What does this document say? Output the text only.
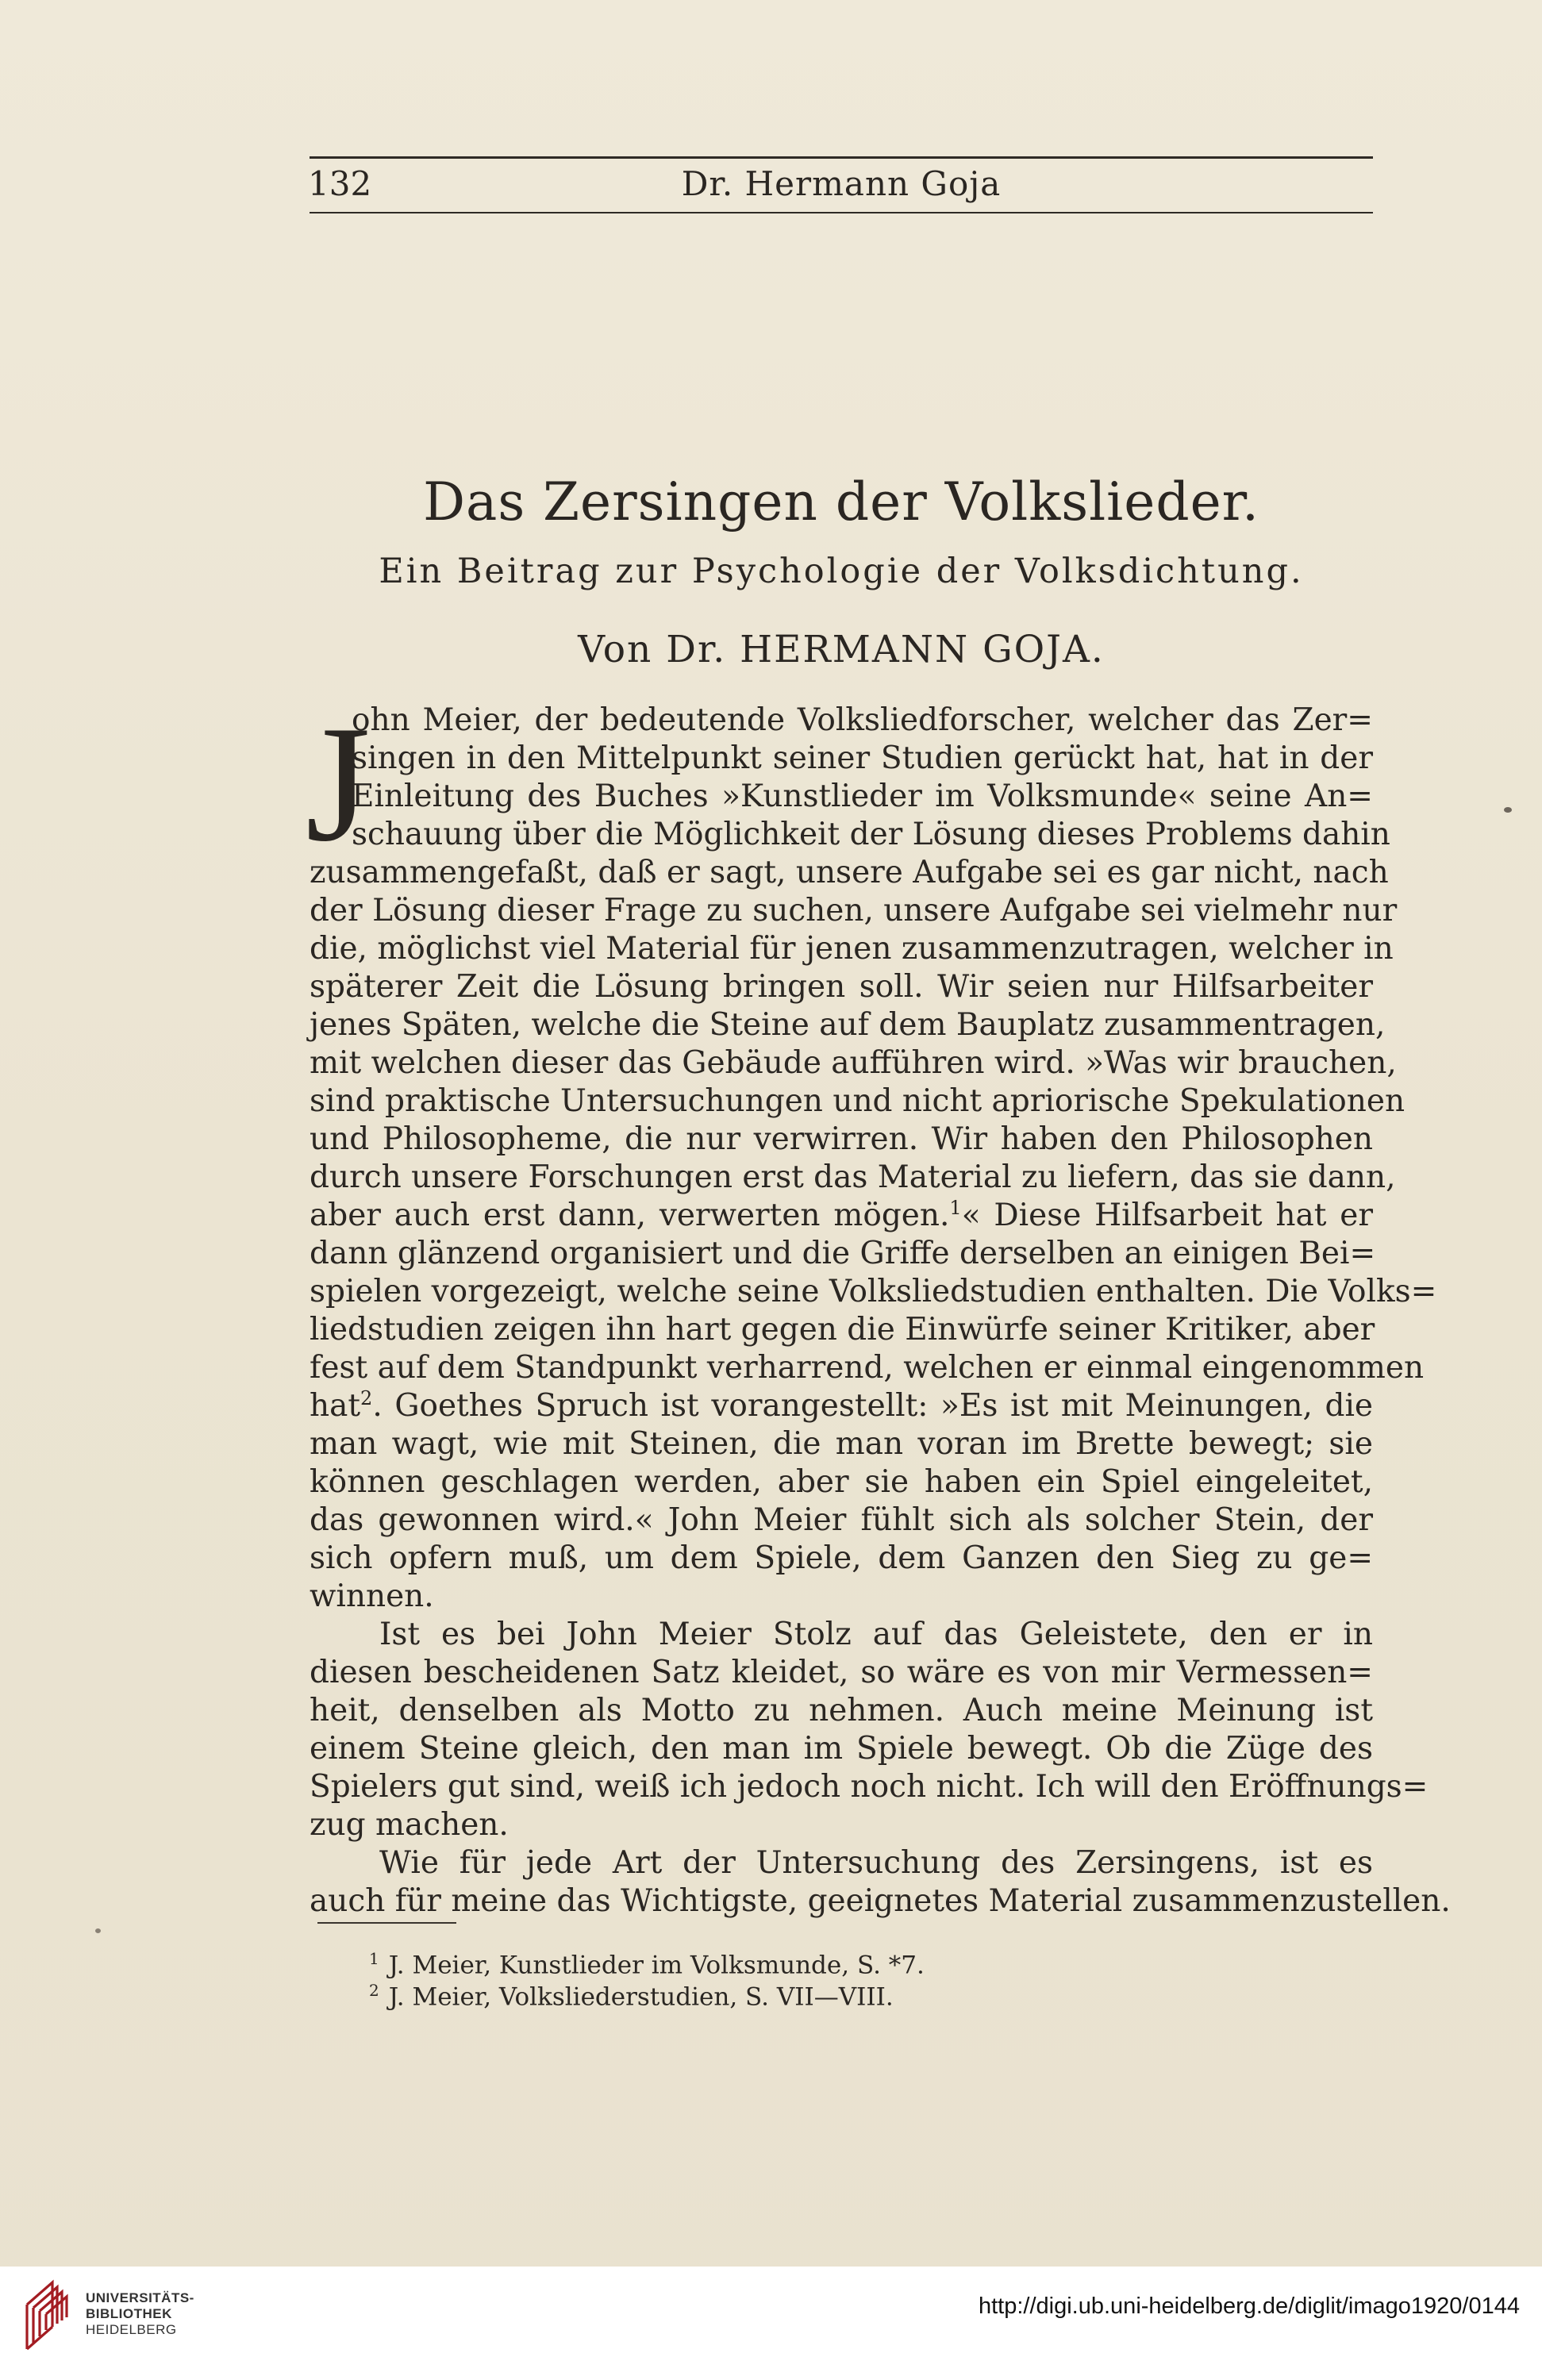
132	Dr. Hermann Goja
Das Zersingen der Volkslieder.
Ein Beitrag zur Psychologie der Volksdichtung.
Von Dr. HERMANN GOJA.
J
ohn Meier, der bedeutende Volksliedforscher, welcher das Zer=
singen in den Mittelpunkt seiner Studien gerückt hat, hat in der
Einleitung des Buches »Kunstlieder im Volksmunde« seine An=
schauung über die Möglichkeit der Lösung dieses Problems dahin
zusammengefaßt, daß er sagt, unsere Aufgabe sei es gar nicht, nach
der Lösung dieser Frage zu suchen, unsere Aufgabe sei vielmehr nur
die, möglichst viel Material für jenen zusammenzutragen, welcher in
späterer Zeit die Lösung bringen soll. Wir seien nur Hilfsarbeiter
jenes Späten, welche die Steine auf dem Bauplatz zusammentragen,
mit welchen dieser das Gebäude aufführen wird. »Was wir brauchen,
sind praktische Untersuchungen und nicht apriorische Spekulationen
und Philosopheme, die nur verwirren. Wir haben den Philosophen
durch unsere Forschungen erst das Material zu liefern, das sie dann,
aber auch erst dann, verwerten mögen.$^1$« Diese Hilfsarbeit hat er
dann glänzend organisiert und die Griffe derselben an einigen Bei=
spielen vorgezeigt, welche seine Volksliedstudien enthalten. Die Volks=
liedstudien zeigen ihn hart gegen die Einwürfe seiner Kritiker, aber
fest auf dem Standpunkt verharrend, welchen er einmal eingenommen
hat$^2$. Goethes Spruch ist vorangestellt: »Es ist mit Meinungen, die
man wagt, wie mit Steinen, die man voran im Brette bewegt; sie
können geschlagen werden, aber sie haben ein Spiel eingeleitet,
das gewonnen wird.« John Meier fühlt sich als solcher Stein, der
sich opfern muß, um dem Spiele, dem Ganzen den Sieg zu ge=
winnen.
Ist es bei John Meier Stolz auf das Geleistete, den er in
diesen bescheidenen Satz kleidet, so wäre es von mir Vermessen=
heit, denselben als Motto zu nehmen. Auch meine Meinung ist
einem Steine gleich, den man im Spiele bewegt. Ob die Züge des
Spielers gut sind, weiß ich jedoch noch nicht. Ich will den Eröffnungs=
zug machen.
Wie für jede Art der Untersuchung des Zersingens, ist es
auch für meine das Wichtigste, geeignetes Material zusammenzustellen.
$^1$ J. Meier, Kunstlieder im Volksmunde, S. *7.
$^2$ J. Meier, Volksliederstudien, S. VII—VIII.
UNIVERSITÄTS-
BIBLIOTHEK
HEIDELBERG
http://digi.ub.uni-heidelberg.de/diglit/imago1920/0144
